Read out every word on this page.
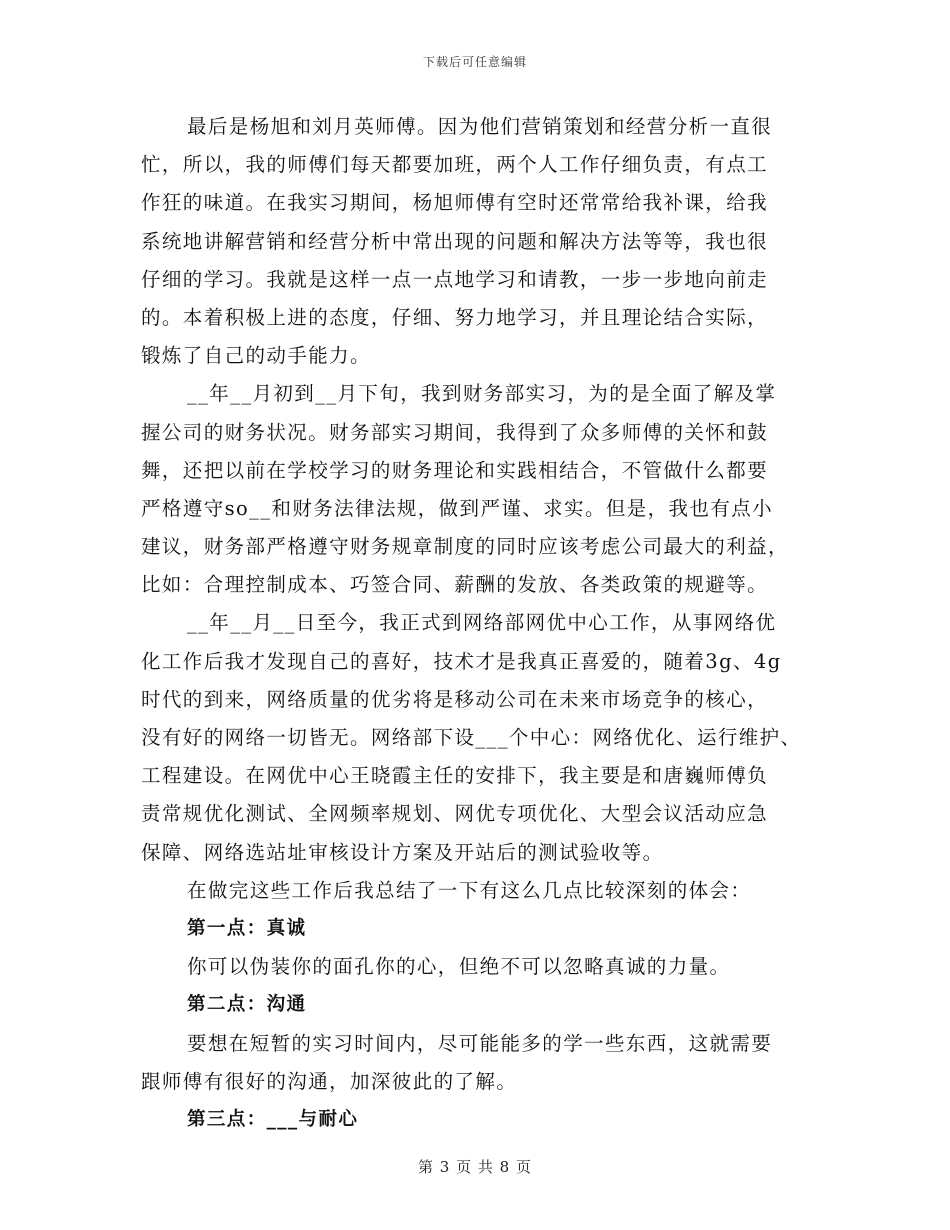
下载后可任意编辑
最后是杨旭和刘月英师傅。因为他们营销策划和经营分析一直很
忙，所以，我的师傅们每天都要加班，两个人工作仔细负责，有点工
作狂的味道。在我实习期间，杨旭师傅有空时还常常给我补课，给我
系统地讲解营销和经营分析中常出现的问题和解决方法等等，我也很
仔细的学习。我就是这样一点一点地学习和请教，一步一步地向前走
的。本着积极上进的态度，仔细、努力地学习，并且理论结合实际，
锻炼了自己的动手能力。
__年__月初到__月下旬，我到财务部实习，为的是全面了解及掌
握公司的财务状况。财务部实习期间，我得到了众多师傅的关怀和鼓
舞，还把以前在学校学习的财务理论和实践相结合，不管做什么都要
严格遵守so__和财务法律法规，做到严谨、求实。但是，我也有点小
建议，财务部严格遵守财务规章制度的同时应该考虑公司最大的利益，
比如：合理控制成本、巧签合同、薪酬的发放、各类政策的规避等。
__年__月__日至今，我正式到网络部网优中心工作，从事网络优
化工作后我才发现自己的喜好，技术才是我真正喜爱的，随着3g、4g
时代的到来，网络质量的优劣将是移动公司在未来市场竞争的核心，
没有好的网络一切皆无。网络部下设___个中心：网络优化、运行维护、
工程建设。在网优中心王晓霞主任的安排下，我主要是和唐巍师傅负
责常规优化测试、全网频率规划、网优专项优化、大型会议活动应急
保障、网络选站址审核设计方案及开站后的测试验收等。
在做完这些工作后我总结了一下有这么几点比较深刻的体会：
第一点：真诚
你可以伪装你的面孔你的心，但绝不可以忽略真诚的力量。
第二点：沟通
要想在短暂的实习时间内，尽可能能多的学一些东西，这就需要
跟师傅有很好的沟通，加深彼此的了解。
第三点：___与耐心
第 3 页 共 8 页
